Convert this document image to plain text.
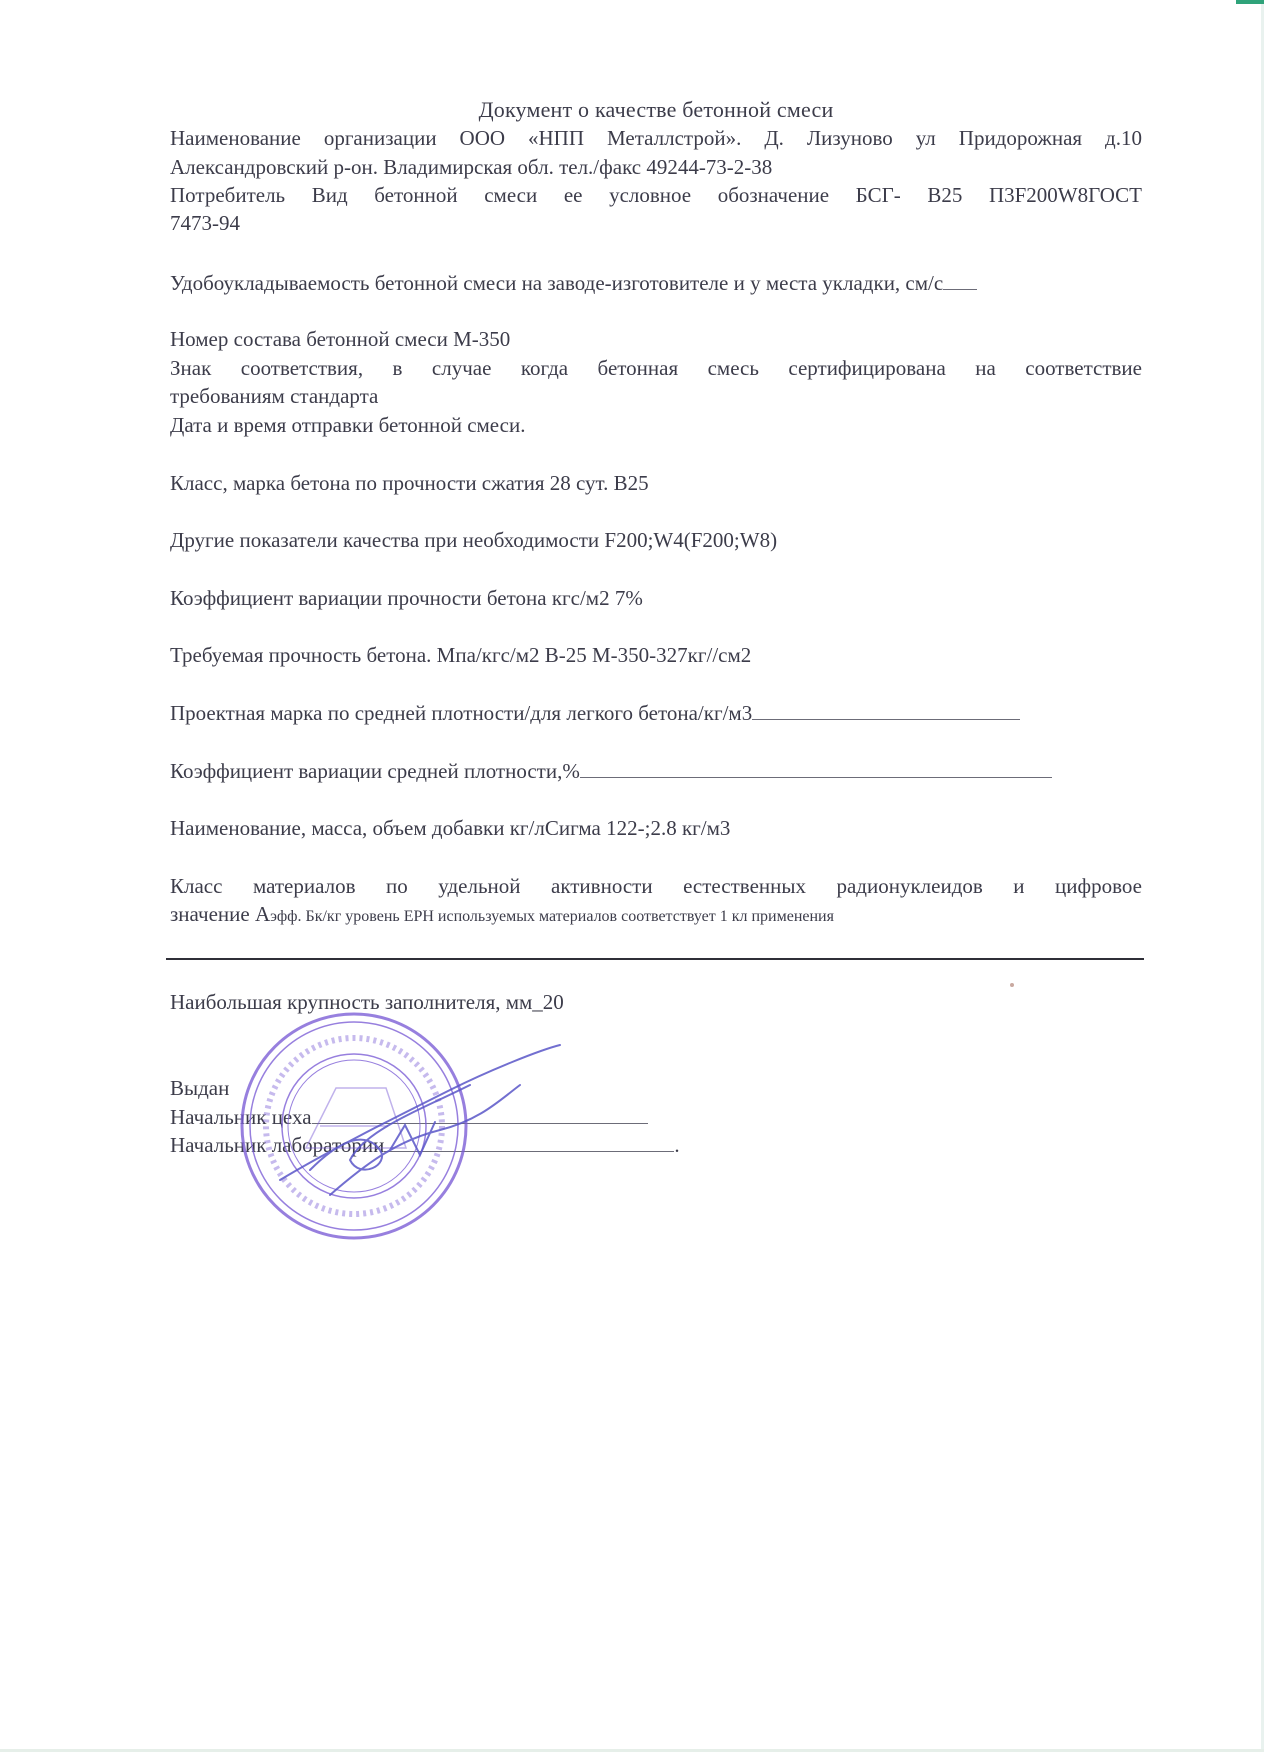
Документ о качестве бетонной смеси
Наименование организации ООО «НПП Металлстрой». Д. Лизуново ул Придорожная д.10
Александровский р-он. Владимирская обл. тел./факс 49244-73-2-38
Потребитель Вид бетонной смеси ее условное обозначение БСГ- В25 П3F200W8ГОСТ
7473-94
Удобоукладываемость бетонной смеси на заводе-изготовителе и у места укладки, см/с
Номер состава бетонной смеси М-350
Знак соответствия, в случае когда бетонная смесь сертифицирована на соответствие
требованиям стандарта
Дата и время отправки бетонной смеси.
Класс, марка бетона по прочности сжатия 28 сут. В25
Другие показатели качества при необходимости F200;W4(F200;W8)
Коэффициент вариации прочности бетона кгс/м2 7%
Требуемая прочность бетона. Мпа/кгс/м2 В-25 М-350-327кг//см2
Проектная марка по средней плотности/для легкого бетона/кг/м3
Коэффициент вариации средней плотности,%
Наименование, масса, объем добавки кг/лСигма 122-;2.8 кг/м3
Класс материалов по удельной активности естественных радионуклеидов и цифровое
значение Аэфф. Бк/кг уровень ЕРН используемых материалов соответствует 1 кл применения
Наибольшая крупность заполнителя, мм_20
Выдан
Начальник цеха
Начальник лаборатории	.
